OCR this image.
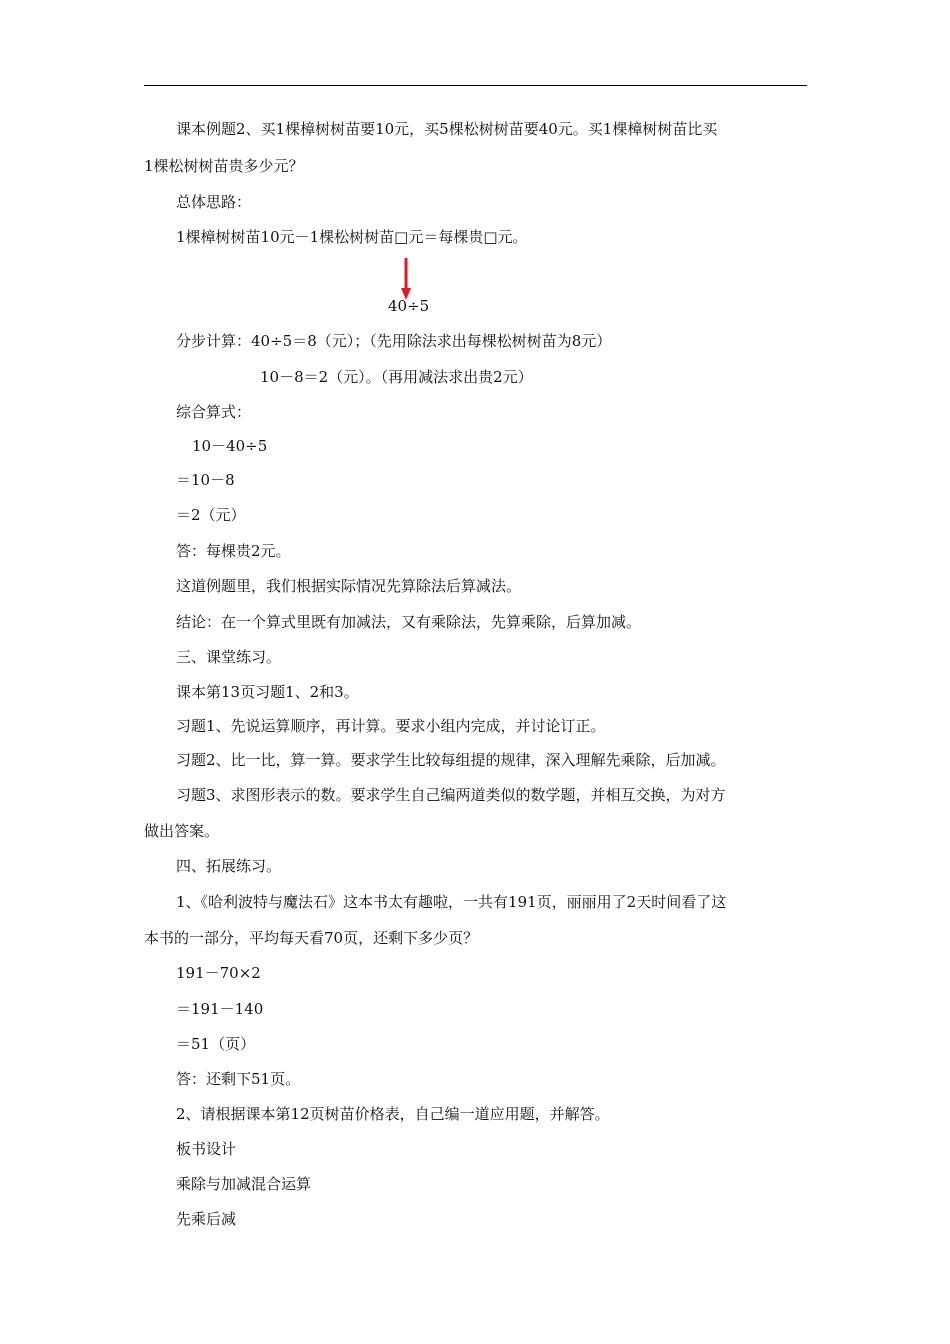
课本例题2、买1棵樟树树苗要10元，买5棵松树树苗要40元。买1棵樟树树苗比买
1棵松树树苗贵多少元？
总体思路：
1棵樟树树苗10元－1棵松树树苗□元＝每棵贵□元。
40÷5
分步计算：40÷5＝8（元）；（先用除法求出每棵松树树苗为8元）
10－8＝2（元）。（再用减法求出贵2元）
综合算式：
10－40÷5
＝10－8
＝2（元）
答：每棵贵2元。
这道例题里，我们根据实际情况先算除法后算减法。
结论：在一个算式里既有加减法，又有乘除法，先算乘除，后算加减。
三、课堂练习。
课本第13页习题1、2和3。
习题1、先说运算顺序，再计算。要求小组内完成，并讨论订正。
习题2、比一比，算一算。要求学生比较每组提的规律，深入理解先乘除，后加减。
习题3、求图形表示的数。要求学生自己编两道类似的数学题，并相互交换，为对方
做出答案。
四、拓展练习。
1、《哈利波特与魔法石》这本书太有趣啦，一共有191页，丽丽用了2天时间看了这
本书的一部分，平均每天看70页，还剩下多少页？
191－70×2
＝191－140
＝51（页）
答：还剩下51页。
2、请根据课本第12页树苗价格表，自己编一道应用题，并解答。
板书设计
乘除与加减混合运算
先乘后减
